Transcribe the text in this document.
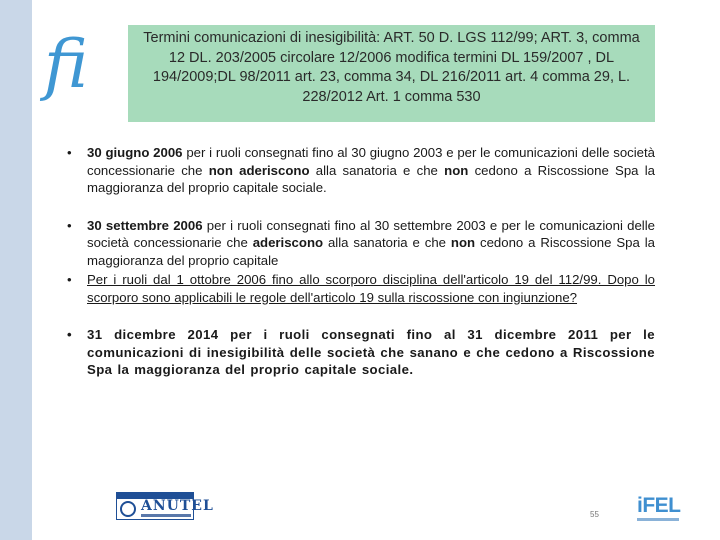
fi	Termini comunicazioni di inesigibilità: ART. 50 D. LGS 112/99; ART. 3, comma 12 DL. 203/2005 circolare 12/2006 modifica termini DL 159/2007 , DL 194/2009;DL 98/2011 art. 23, comma 34, DL 216/2011 art. 4 comma 29, L. 228/2012 Art. 1 comma 530
• 30 giugno 2006 per i ruoli consegnati fino al 30 giugno 2003 e per le comunicazioni delle società concessionarie che non aderiscono alla sanatoria e che non cedono a Riscossione Spa la maggioranza del proprio capitale sociale.
• 30 settembre 2006 per i ruoli consegnati fino al 30 settembre 2003 e per le comunicazioni delle società concessionarie che aderiscono alla sanatoria e che non cedono a Riscossione Spa la maggioranza del proprio capitale
• Per i ruoli dal 1 ottobre 2006 fino allo scorporo disciplina dell'articolo 19 del 112/99. Dopo lo scorporo sono applicabili le regole dell'articolo 19 sulla riscossione con ingiunzione?
• 31 dicembre 2014 per i ruoli consegnati fino al 31 dicembre 2011 per le comunicazioni di inesigibilità delle società che sanano e che cedono a Riscossione Spa la maggioranza del proprio capitale sociale.
ANUTEL
55 iFEL
